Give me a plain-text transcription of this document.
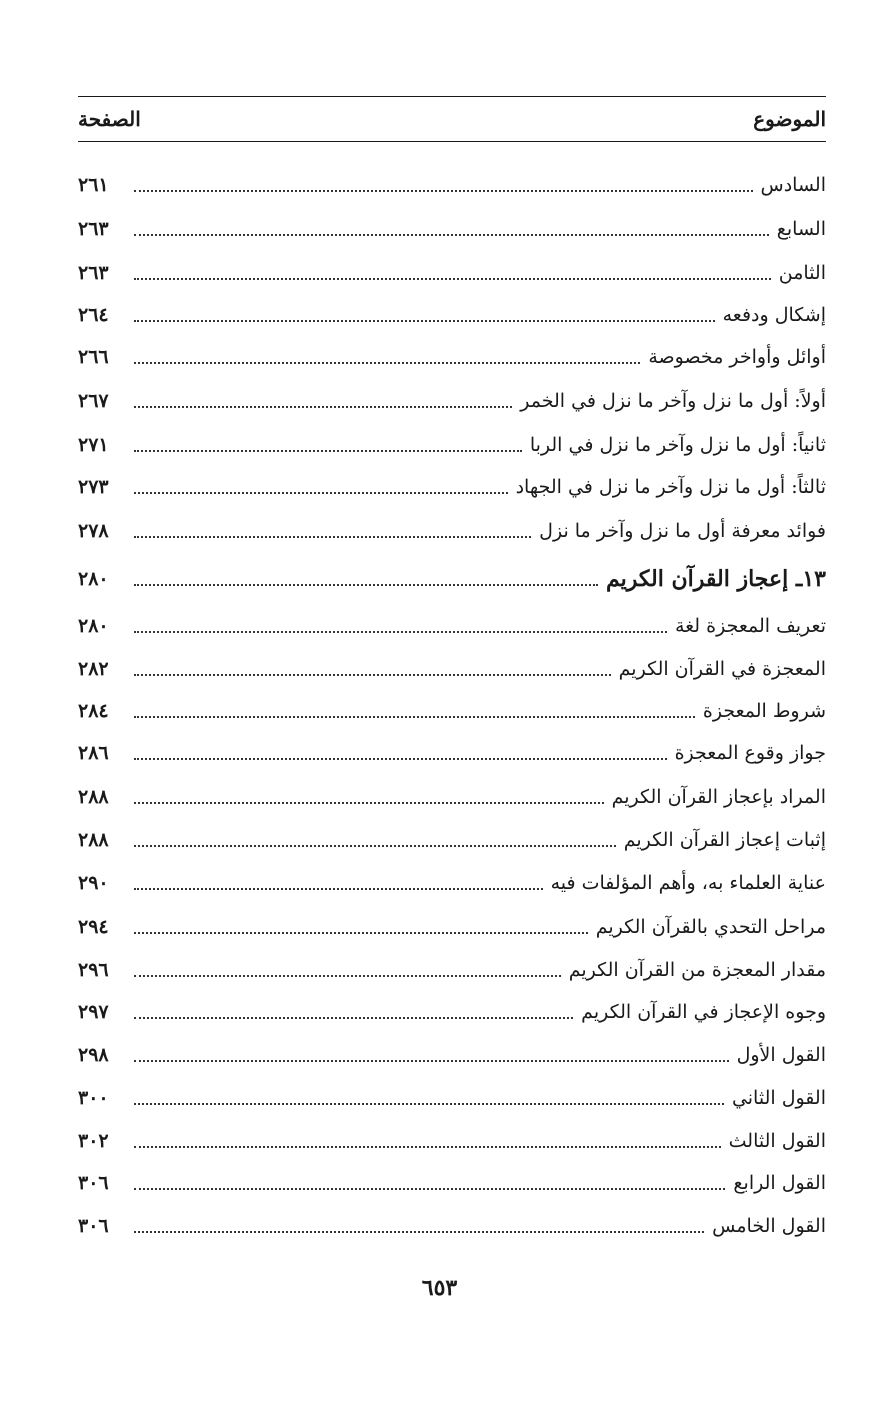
الموضوع
الصفحة
السادس
٢٦١
السابع
٢٦٣
الثامن
٢٦٣
إشكال ودفعه
٢٦٤
أوائل وأواخر مخصوصة
٢٦٦
أولاً: أول ما نزل وآخر ما نزل في الخمر
٢٦٧
ثانياً: أول ما نزل وآخر ما نزل في الربا
٢٧١
ثالثاً: أول ما نزل وآخر ما نزل في الجهاد
٢٧٣
فوائد معرفة أول ما نزل وآخر ما نزل
٢٧٨
١٣ـ إعجاز القرآن الكريم
٢٨٠
تعريف المعجزة لغة
٢٨٠
المعجزة في القرآن الكريم
٢٨٢
شروط المعجزة
٢٨٤
جواز وقوع المعجزة
٢٨٦
المراد بإعجاز القرآن الكريم
٢٨٨
إثبات إعجاز القرآن الكريم
٢٨٨
عناية العلماء به، وأهم المؤلفات فيه
٢٩٠
مراحل التحدي بالقرآن الكريم
٢٩٤
مقدار المعجزة من القرآن الكريم
٢٩٦
وجوه الإعجاز في القرآن الكريم
٢٩٧
القول الأول
٢٩٨
القول الثاني
٣٠٠
القول الثالث
٣٠٢
القول الرابع
٣٠٦
القول الخامس
٣٠٦
٦٥٣
